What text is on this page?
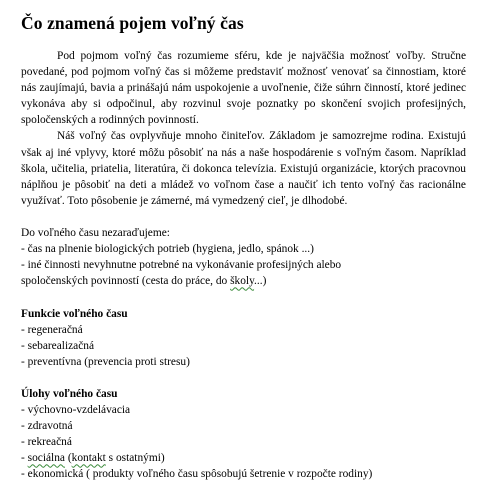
Čo znamená pojem voľný čas

Pod pojmom voľný čas rozumieme sféru, kde je najväčšia možnosť voľby. Stručne povedané, pod pojmom voľný čas si môžeme predstaviť možnosť venovať sa činnostiam, ktoré nás zaujímajú, bavia a prinášajú nám uspokojenie a uvoľnenie, čiže súhrn činností, ktoré jedinec vykonáva aby si odpočinul, aby rozvinul svoje poznatky po skončení svojich profesijných, spoločenských a rodinných povinností.

Náš voľný čas ovplyvňuje mnoho činiteľov. Základom je samozrejme rodina. Existujú však aj iné vplyvy, ktoré môžu pôsobiť na nás a naše hospodárenie s voľným časom. Napríklad škola, učitelia, priatelia, literatúra, či dokonca televízia. Existujú organizácie, ktorých pracovnou náplňou je pôsobiť na deti a mládež vo voľnom čase a naučiť ich tento voľný čas racionálne využívať. Toto pôsobenie je zámerné, má vymedzený cieľ, je dlhodobé.

Do voľného času nezaraďujeme:
- čas na plnenie biologických potrieb (hygiena, jedlo, spánok ...)
- iné činnosti nevyhnutne potrebné na vykonávanie profesijných alebo
spoločenských povinností (cesta do práce, do školy...)
Funkcie voľného času
- regeneračná
- sebarealizačná
- preventívna (prevencia proti stresu)
Úlohy voľného času
- výchovno-vzdelávacia
- zdravotná
- rekreačná
- sociálna (kontakt s ostatnými)
- ekonomická ( produkty voľného času spôsobujú šetrenie v rozpočte rodiny)
